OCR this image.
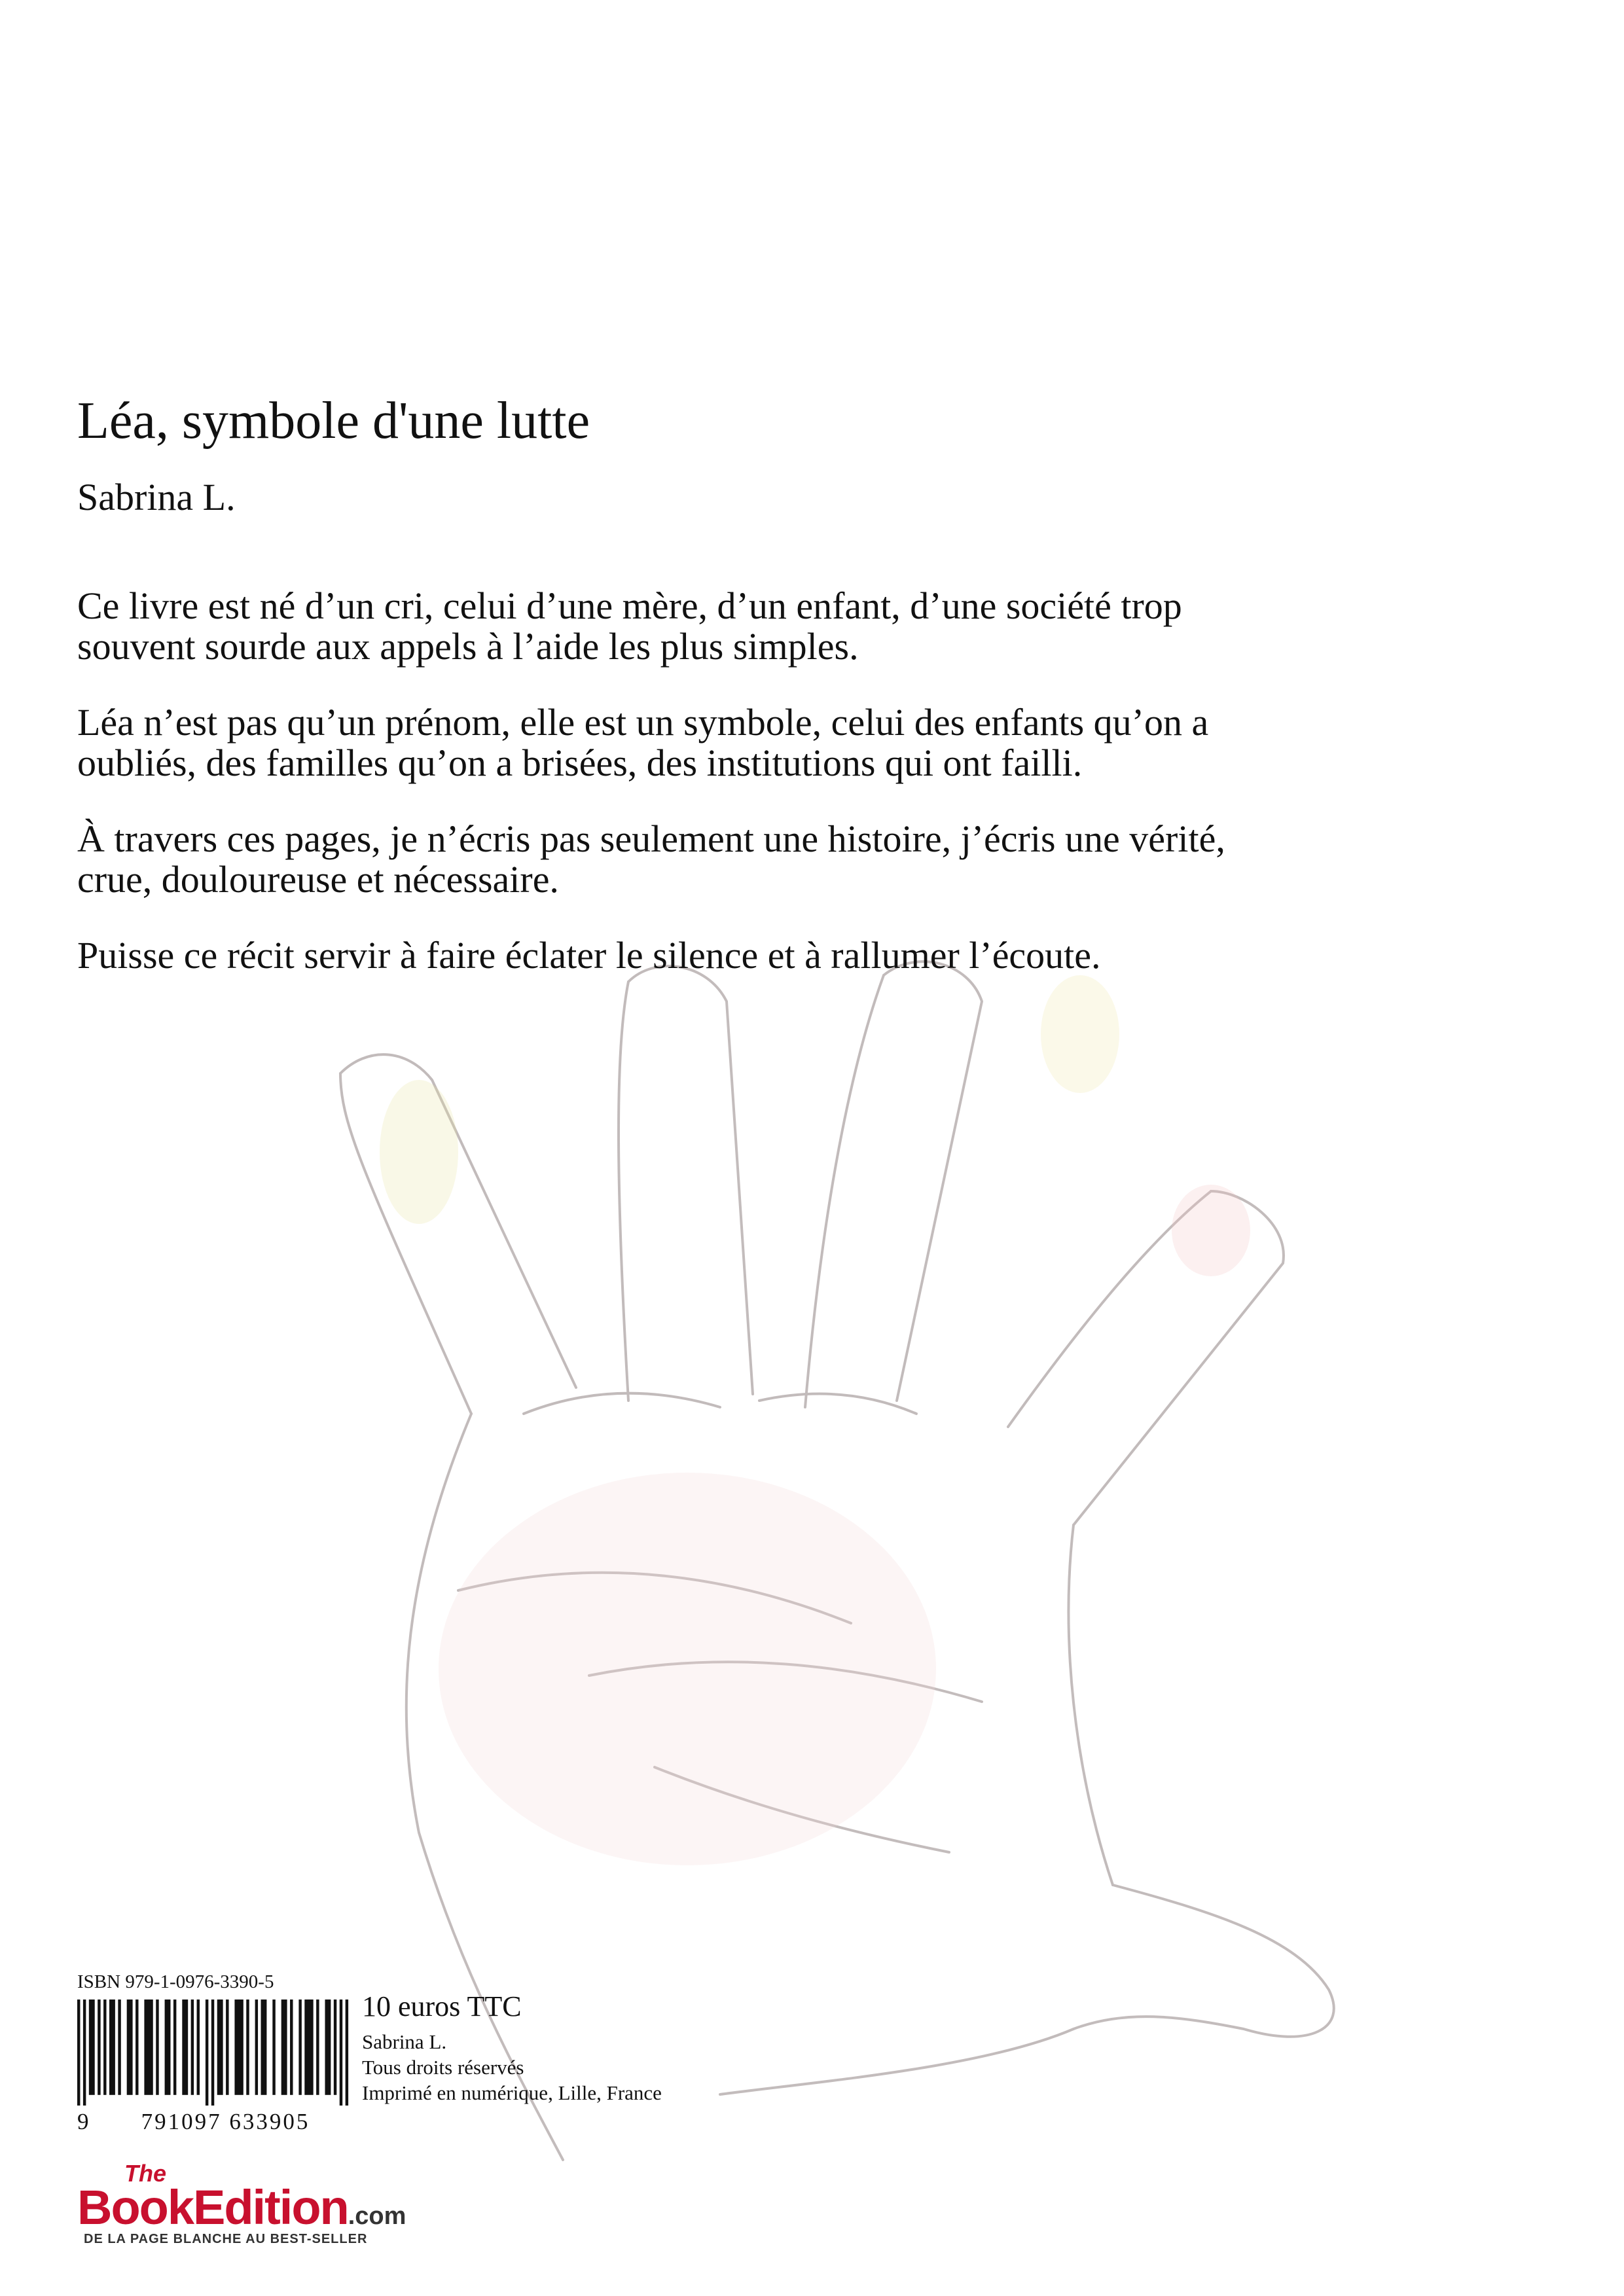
Léa, symbole d'une lutte
Sabrina L.

Ce livre est né d’un cri, celui d’une mère, d’un enfant, d’une société trop souvent sourde aux appels à l’aide les plus simples.

Léa n’est pas qu’un prénom, elle est un symbole, celui des enfants qu’on a oubliés, des familles qu’on a brisées, des institutions qui ont failli.

À travers ces pages, je n’écris pas seulement une histoire, j’écris une vérité, crue, douloureuse et nécessaire.

Puisse ce récit servir à faire éclater le silence et à rallumer l’écoute.

ISBN 979-1-0976-3390-5
9	791097 633905
10 euros TTC
Sabrina L.
Tous droits réservés
Imprimé en numérique, Lille, France
The
BookEdition.com
DE LA PAGE BLANCHE AU BEST-SELLER
